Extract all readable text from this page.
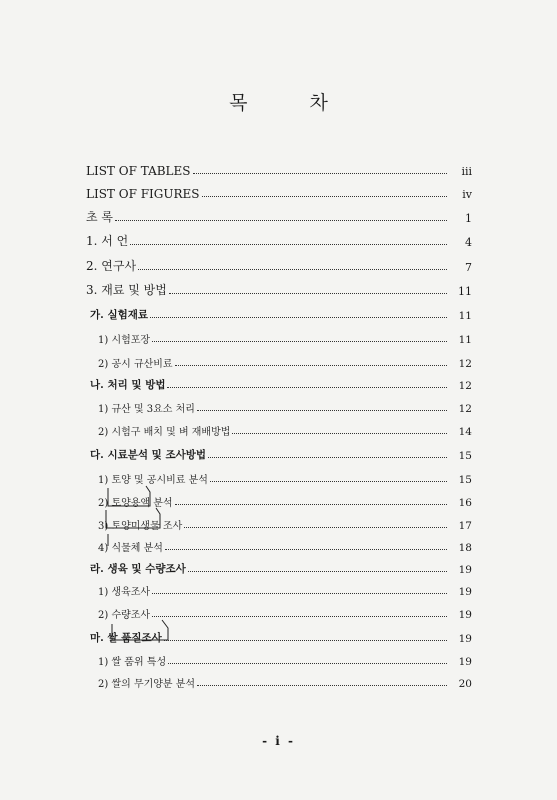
목 차
LIST OF TABLES	iii
LIST OF FIGURES	iv
초 록	1
1. 서 언	4
2. 연구사	7
3. 재료 및 방법	11
가. 실험재료	11
1) 시험포장	11
2) 공시 규산비료	12
나. 처리 및 방법	12
1) 규산 및 3요소 처리	12
2) 시험구 배치 및 벼 재배방법	14
다. 시료분석 및 조사방법	15
1) 토양 및 공시비료 분석	15
2) 토양용액 분석	16
3) 토양미생물 조사	17
4) 식물체 분석	18
라. 생육 및 수량조사	19
1) 생육조사	19
2) 수량조사	19
마. 쌀 품질조사	19
1) 쌀 품위 특성	19
2) 쌀의 무기양분 분석	20
- i -
